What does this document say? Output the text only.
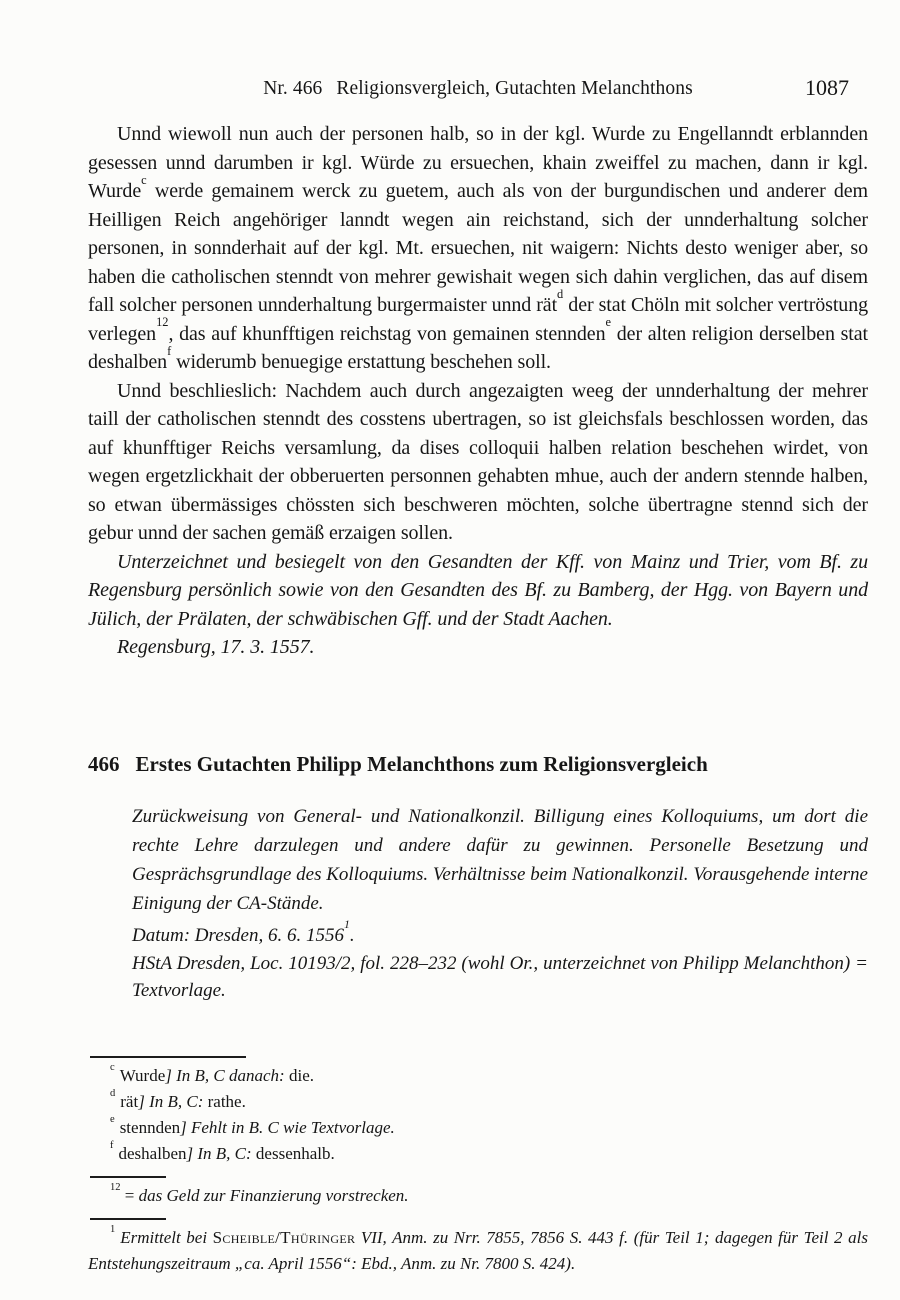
Nr. 466 Religionsvergleich, Gutachten Melanchthons	1087

Unnd wiewoll nun auch der personen halb, so in der kgl. Wurde zu Engellanndt erblannden gesessen unnd darumben ir kgl. Würde zu ersuechen, khain zweiffel zu machen, dann ir kgl. Wurde$^c$ werde gemainem werck zu guetem, auch als von der burgundischen und anderer dem Heilligen Reich angehöriger lanndt wegen ain reichstand, sich der unnderhaltung solcher personen, in sonnderhait auf der kgl. Mt. ersuechen, nit waigern: Nichts desto weniger aber, so haben die catholischen stenndt von mehrer gewishait wegen sich dahin verglichen, das auf disem fall solcher personen unnderhaltung burgermaister unnd rät$^d$ der stat Chöln mit solcher vertröstung verlegen$^{12}$, das auf khunfftigen reichstag von gemainen stennden$^e$ der alten religion derselben stat deshalben$^f$ widerumb benuegige erstattung beschehen soll.

Unnd beschlieslich: Nachdem auch durch angezaigten weeg der unnderhaltung der mehrer taill der catholischen stenndt des cosstens ubertragen, so ist gleichsfals beschlossen worden, das auf khunfftiger Reichs versamlung, da dises colloquii halben relation beschehen wirdet, von wegen ergetzlickhait der obberuerten personnen gehabten mhue, auch der andern stennde halben, so etwan übermässiges chössten sich beschweren möchten, solche übertragne stennd sich der gebur unnd der sachen gemäß erzaigen sollen.

Unterzeichnet und besiegelt von den Gesandten der Kff. von Mainz und Trier, vom Bf. zu Regensburg persönlich sowie von den Gesandten des Bf. zu Bamberg, der Hgg. von Bayern und Jülich, der Prälaten, der schwäbischen Gff. und der Stadt Aachen.

Regensburg, 17. 3. 1557.

466 Erstes Gutachten Philipp Melanchthons zum Religionsvergleich

Zurückweisung von General- und Nationalkonzil. Billigung eines Kolloquiums, um dort die rechte Lehre darzulegen und andere dafür zu gewinnen. Personelle Besetzung und Gesprächsgrundlage des Kolloquiums. Verhältnisse beim Nationalkonzil. Vorausgehende interne Einigung der CA-Stände.

Datum: Dresden, 6. 6. 1556$^1$.

HStA Dresden, Loc. 10193/2, fol. 228–232 (wohl Or., unterzeichnet von Philipp Melanchthon) = Textvorlage.

$^c$ Wurde] In B, C danach: die.

$^d$ rät] In B, C: rathe.

$^e$ stennden] Fehlt in B. C wie Textvorlage.

$^f$ deshalben] In B, C: dessenhalb.

$^{12}$ = das Geld zur Finanzierung vorstrecken.

$^1$ Ermittelt bei Scheible/Thüringer VII, Anm. zu Nrr. 7855, 7856 S. 443 f. (für Teil 1; dagegen für Teil 2 als Entstehungszeitraum „ca. April 1556“: Ebd., Anm. zu Nr. 7800 S. 424).
